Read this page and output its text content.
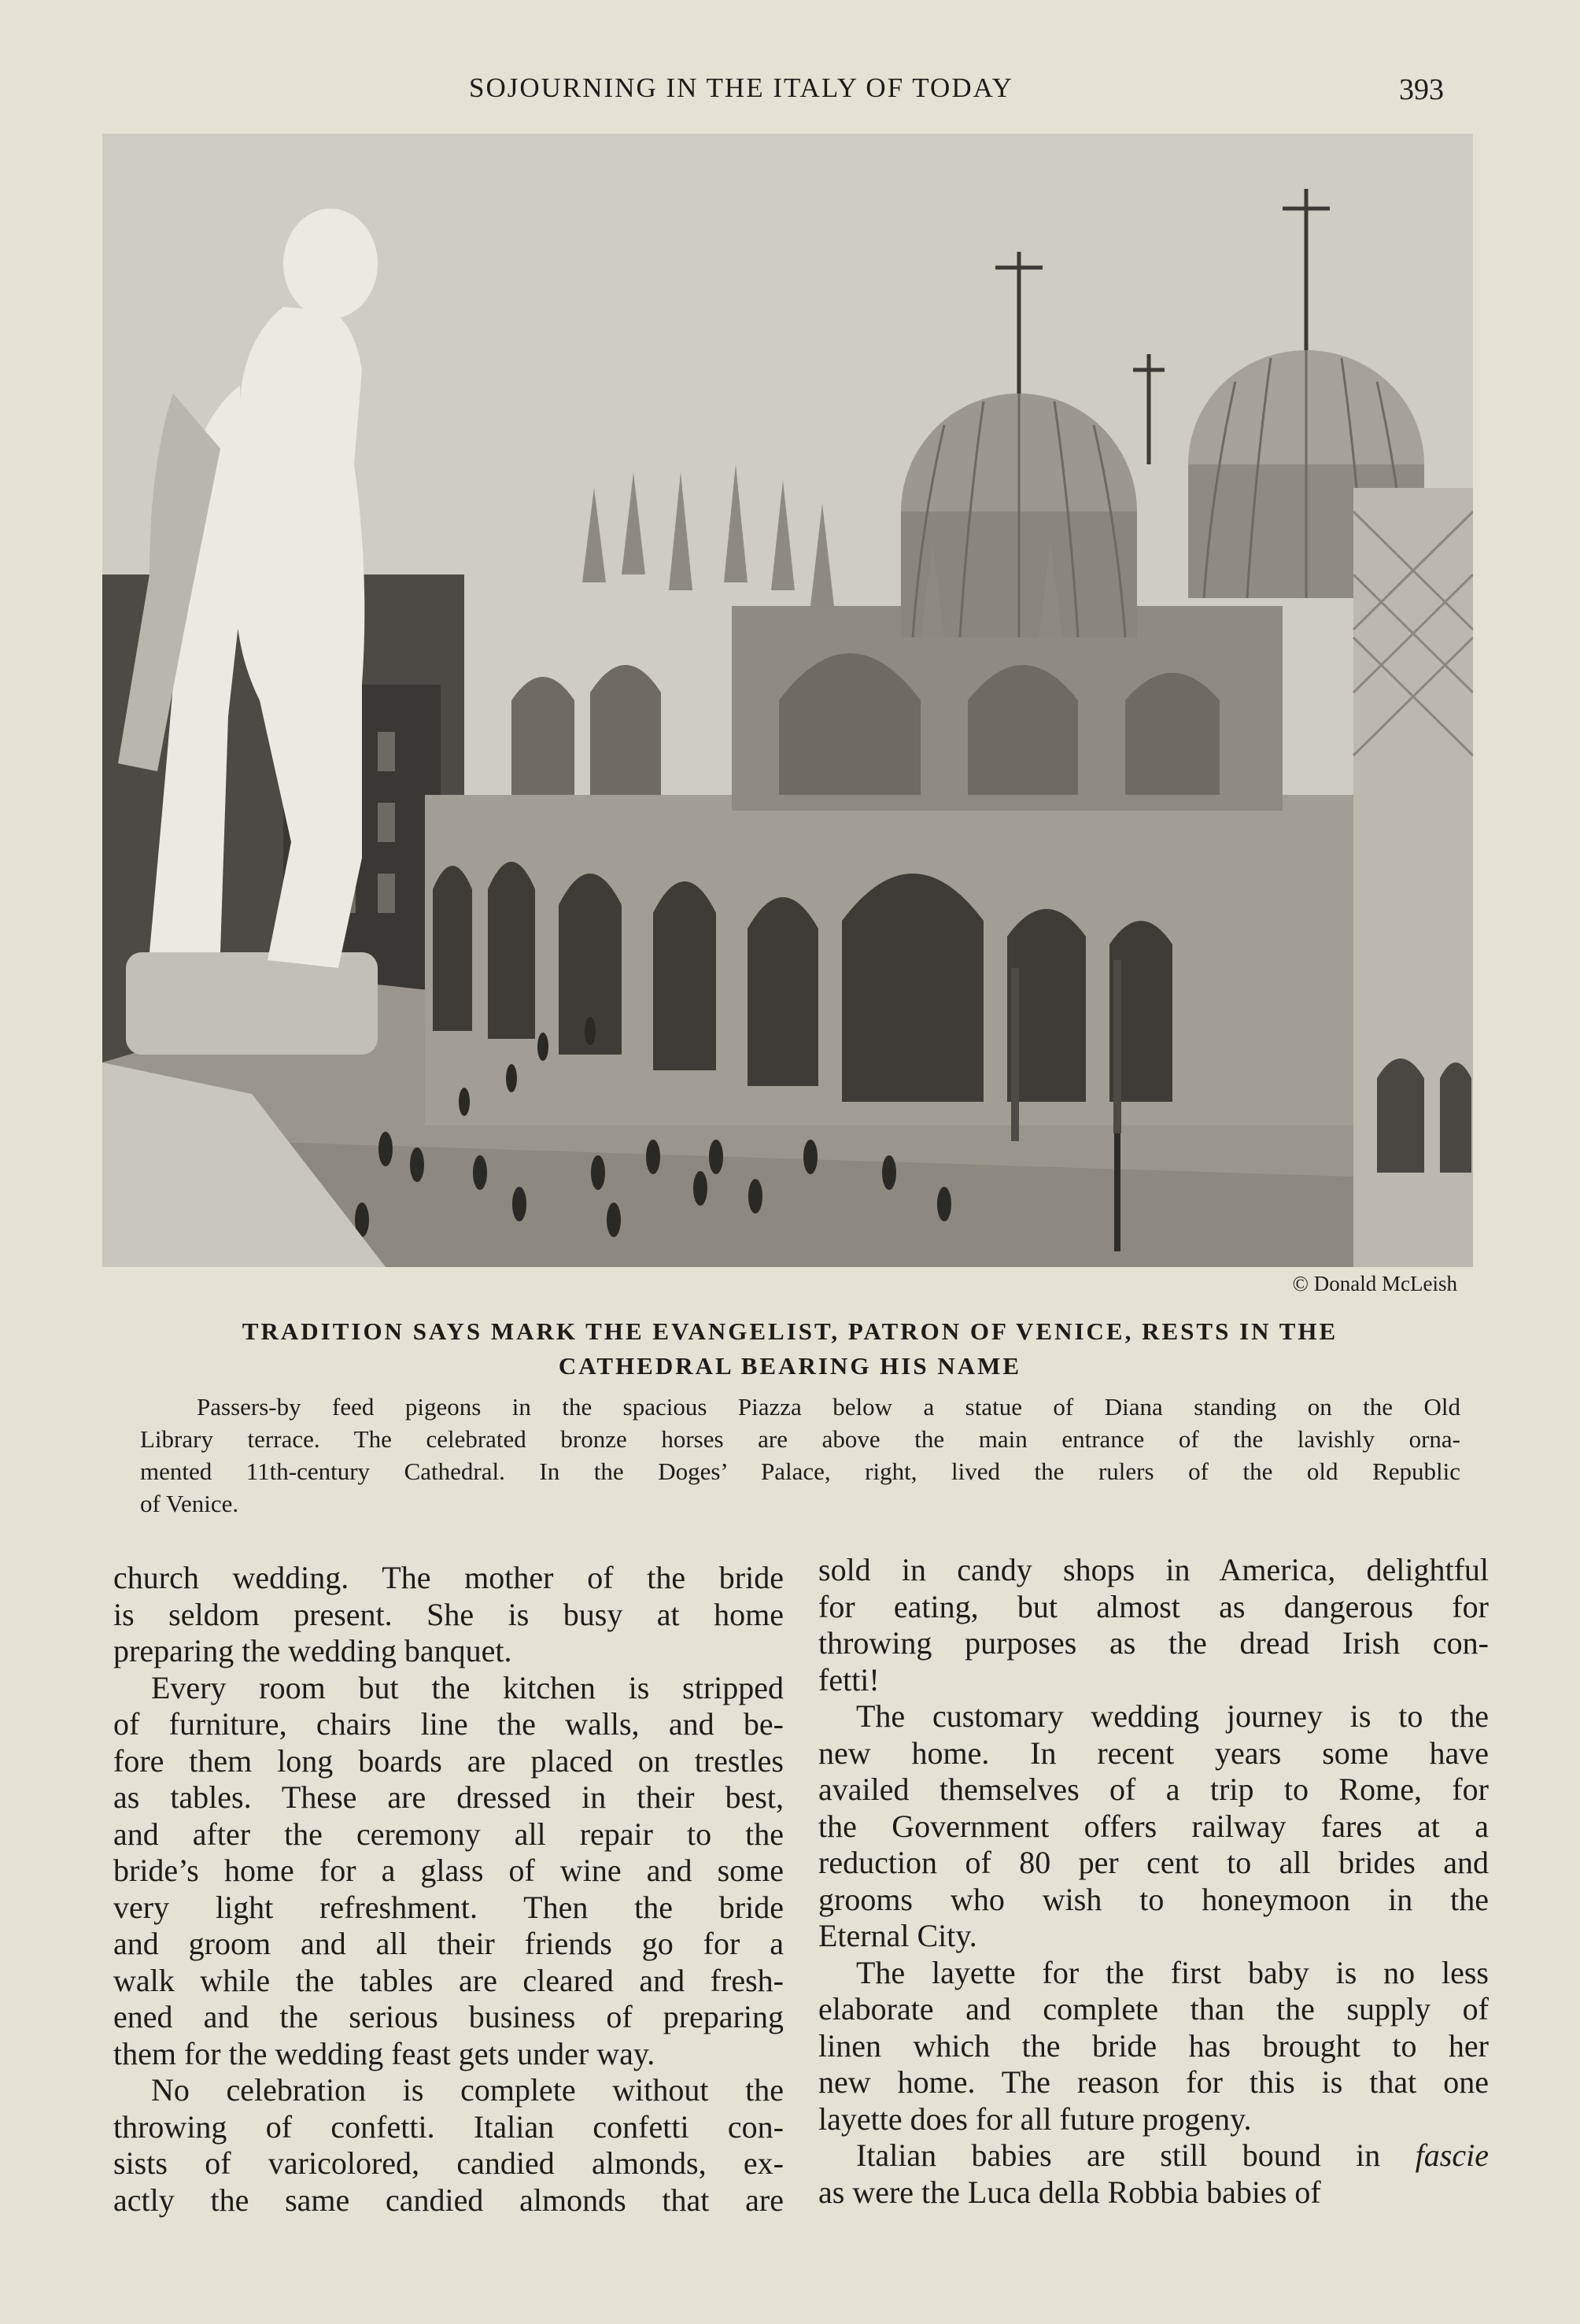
SOJOURNING IN THE ITALY OF TODAY	393
© Donald McLeish
TRADITION SAYS MARK THE EVANGELIST, PATRON OF VENICE, RESTS IN THE
CATHEDRAL BEARING HIS NAME
Passers-by feed pigeons in the spacious Piazza below a statue of Diana standing on the Old
Library terrace. The celebrated bronze horses are above the main entrance of the lavishly orna-
mented 11th-century Cathedral. In the Doges’ Palace, right, lived the rulers of the old Republic
of Venice.
church wedding. The mother of the bride
is seldom present. She is busy at home
preparing the wedding banquet.
Every room but the kitchen is stripped
of furniture, chairs line the walls, and be-
fore them long boards are placed on trestles
as tables. These are dressed in their best,
and after the ceremony all repair to the
bride’s home for a glass of wine and some
very light refreshment. Then the bride
and groom and all their friends go for a
walk while the tables are cleared and fresh-
ened and the serious business of preparing
them for the wedding feast gets under way.
No celebration is complete without the
throwing of confetti. Italian confetti con-
sists of varicolored, candied almonds, ex-
actly the same candied almonds that are
sold in candy shops in America, delightful
for eating, but almost as dangerous for
throwing purposes as the dread Irish con-
fetti!
The customary wedding journey is to the
new home. In recent years some have
availed themselves of a trip to Rome, for
the Government offers railway fares at a
reduction of 80 per cent to all brides and
grooms who wish to honeymoon in the
Eternal City.
The layette for the first baby is no less
elaborate and complete than the supply of
linen which the bride has brought to her
new home. The reason for this is that one
layette does for all future progeny.
Italian babies are still bound in fascie
as were the Luca della Robbia babies of
